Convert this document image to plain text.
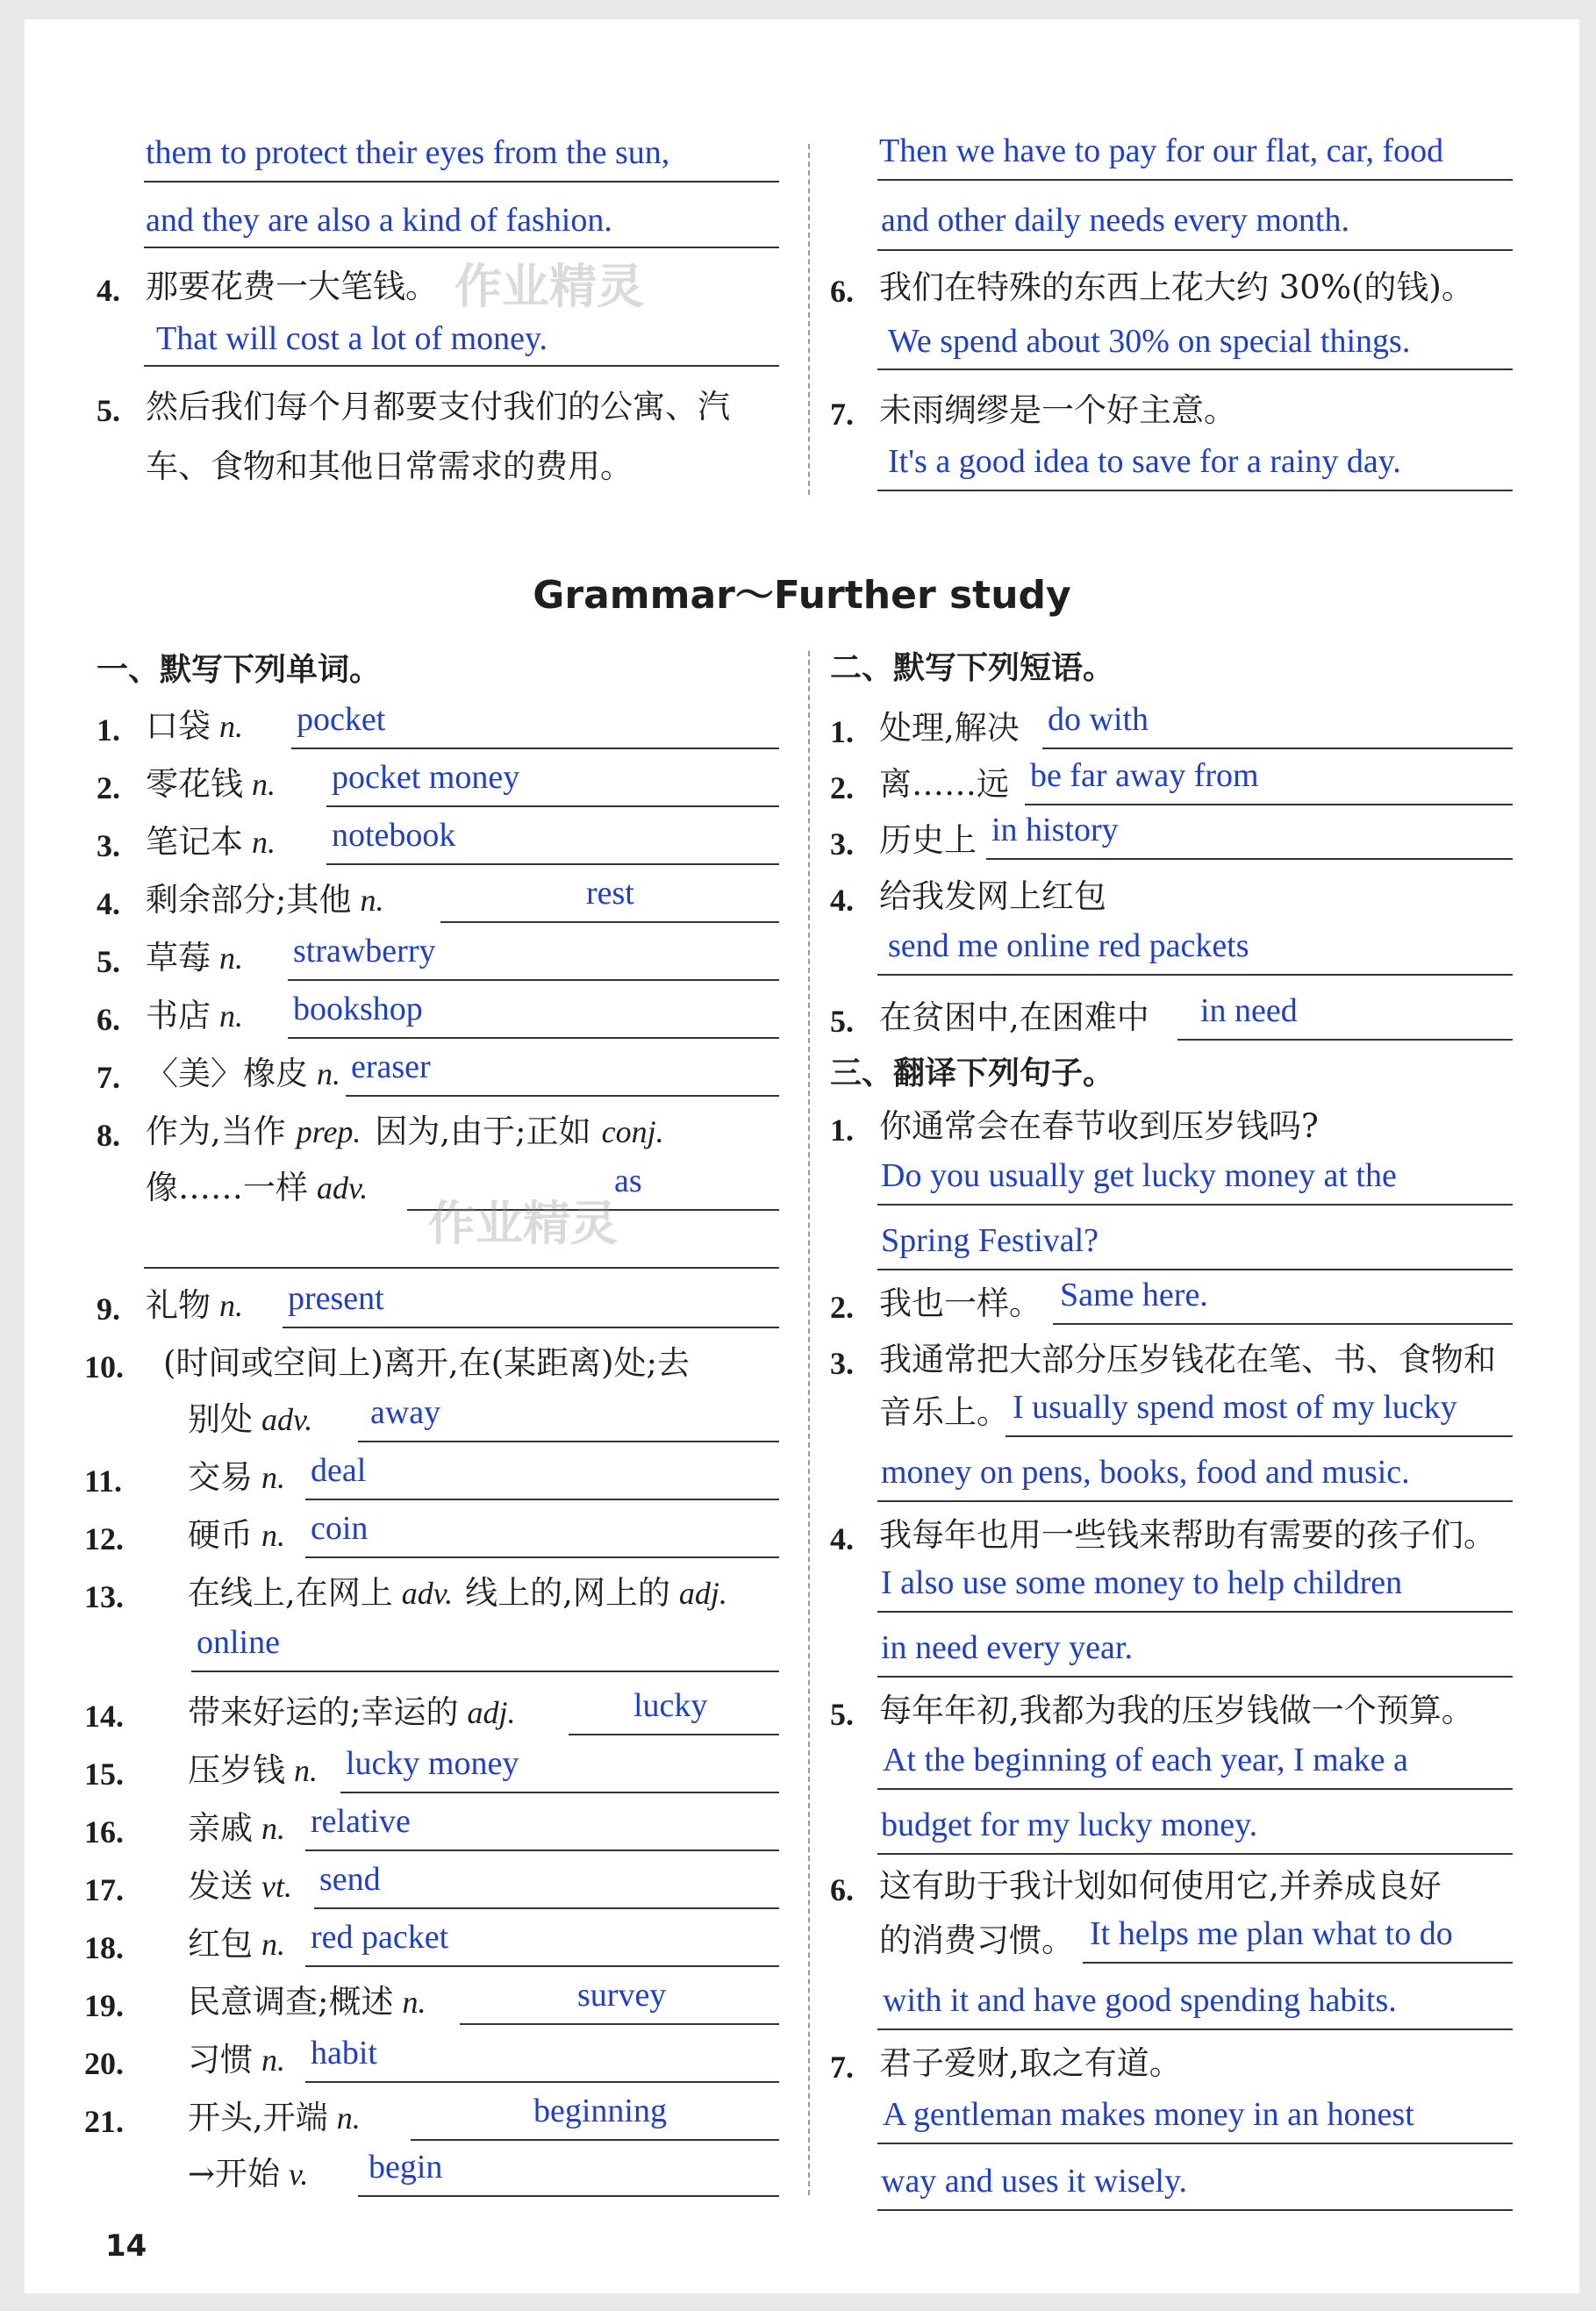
them to protect their eyes from the sun,
and they are also a kind of fashion.
4. 那要花费一大笔钱。
That will cost a lot of money.
5. 然后我们每个月都要支付我们的公寓、汽
车、食物和其他日常需求的费用。
Then we have to pay for our flat, car, food
and other daily needs every month.
6. 我们在特殊的东西上花大约 30%(的钱)。
We spend about 30% on special things.
7. 未雨绸缪是一个好主意。
It's a good idea to save for a rainy day.
Grammar～Further study
一、默写下列单词。
1. 口袋 n. pocket
2. 零花钱 n. pocket money
3. 笔记本 n. notebook
4. 剩余部分;其他 n.	rest
5. 草莓 n. strawberry
6. 书店 n. bookshop
7. 〈美〉橡皮 n. eraser
8. 作为,当作 prep. 因为,由于;正如 conj.
像……一样 adv.	as
9. 礼物 n. present
10. (时间或空间上)离开,在(某距离)处;去
别处 adv. away
11. 交易 n. deal
12. 硬币 n. coin
13. 在线上,在网上 adv. 线上的,网上的 adj.
online
14. 带来好运的;幸运的 adj.	lucky
15. 压岁钱 n. lucky money
16. 亲戚 n. relative
17. 发送 vt. send
18. 红包 n. red packet
19. 民意调查;概述 n.	survey
20. 习惯 n. habit
21. 开头,开端 n.	beginning
→开始 v. begin
二、默写下列短语。
1. 处理,解决 do with
2. 离……远 be far away from
3. 历史上 in history
4. 给我发网上红包
send me online red packets
5. 在贫困中,在困难中 in need
三、翻译下列句子。
1. 你通常会在春节收到压岁钱吗?
Do you usually get lucky money at the
Spring Festival?
2. 我也一样。 Same here.
3. 我通常把大部分压岁钱花在笔、书、食物和
音乐上。 I usually spend most of my lucky
money on pens, books, food and music.
4. 我每年也用一些钱来帮助有需要的孩子们。
I also use some money to help children
in need every year.
5. 每年年初,我都为我的压岁钱做一个预算。
At the beginning of each year, I make a
budget for my lucky money.
6. 这有助于我计划如何使用它,并养成良好
的消费习惯。 It helps me plan what to do
with it and have good spending habits.
7. 君子爱财,取之有道。
A gentleman makes money in an honest
way and uses it wisely.
作业精灵
作业精灵
14
